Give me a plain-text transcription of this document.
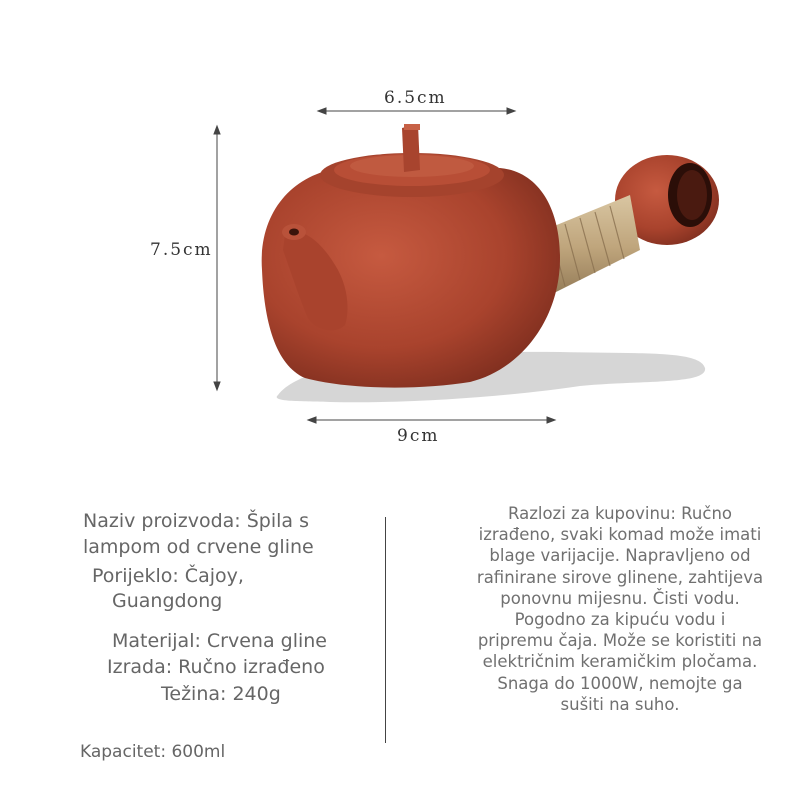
6.5cm
7.5cm
9cm
Naziv proizvoda: Špila s
lampom od crvene gline
Porijeklo: Čajoy,
Guangdong
Materijal: Crvena gline
Izrada: Ručno izrađeno
Težina: 240g
Kapacitet: 600ml
Razlozi za kupovinu: Ručno
izrađeno, svaki komad može imati
blage varijacije. Napravljeno od
rafinirane sirove glinene, zahtijeva
ponovnu mijesnu. Čisti vodu.
Pogodno za kipuću vodu i
pripremu čaja. Može se koristiti na
električnim keramičkim pločama.
Snaga do 1000W, nemojte ga
sušiti na suho.
